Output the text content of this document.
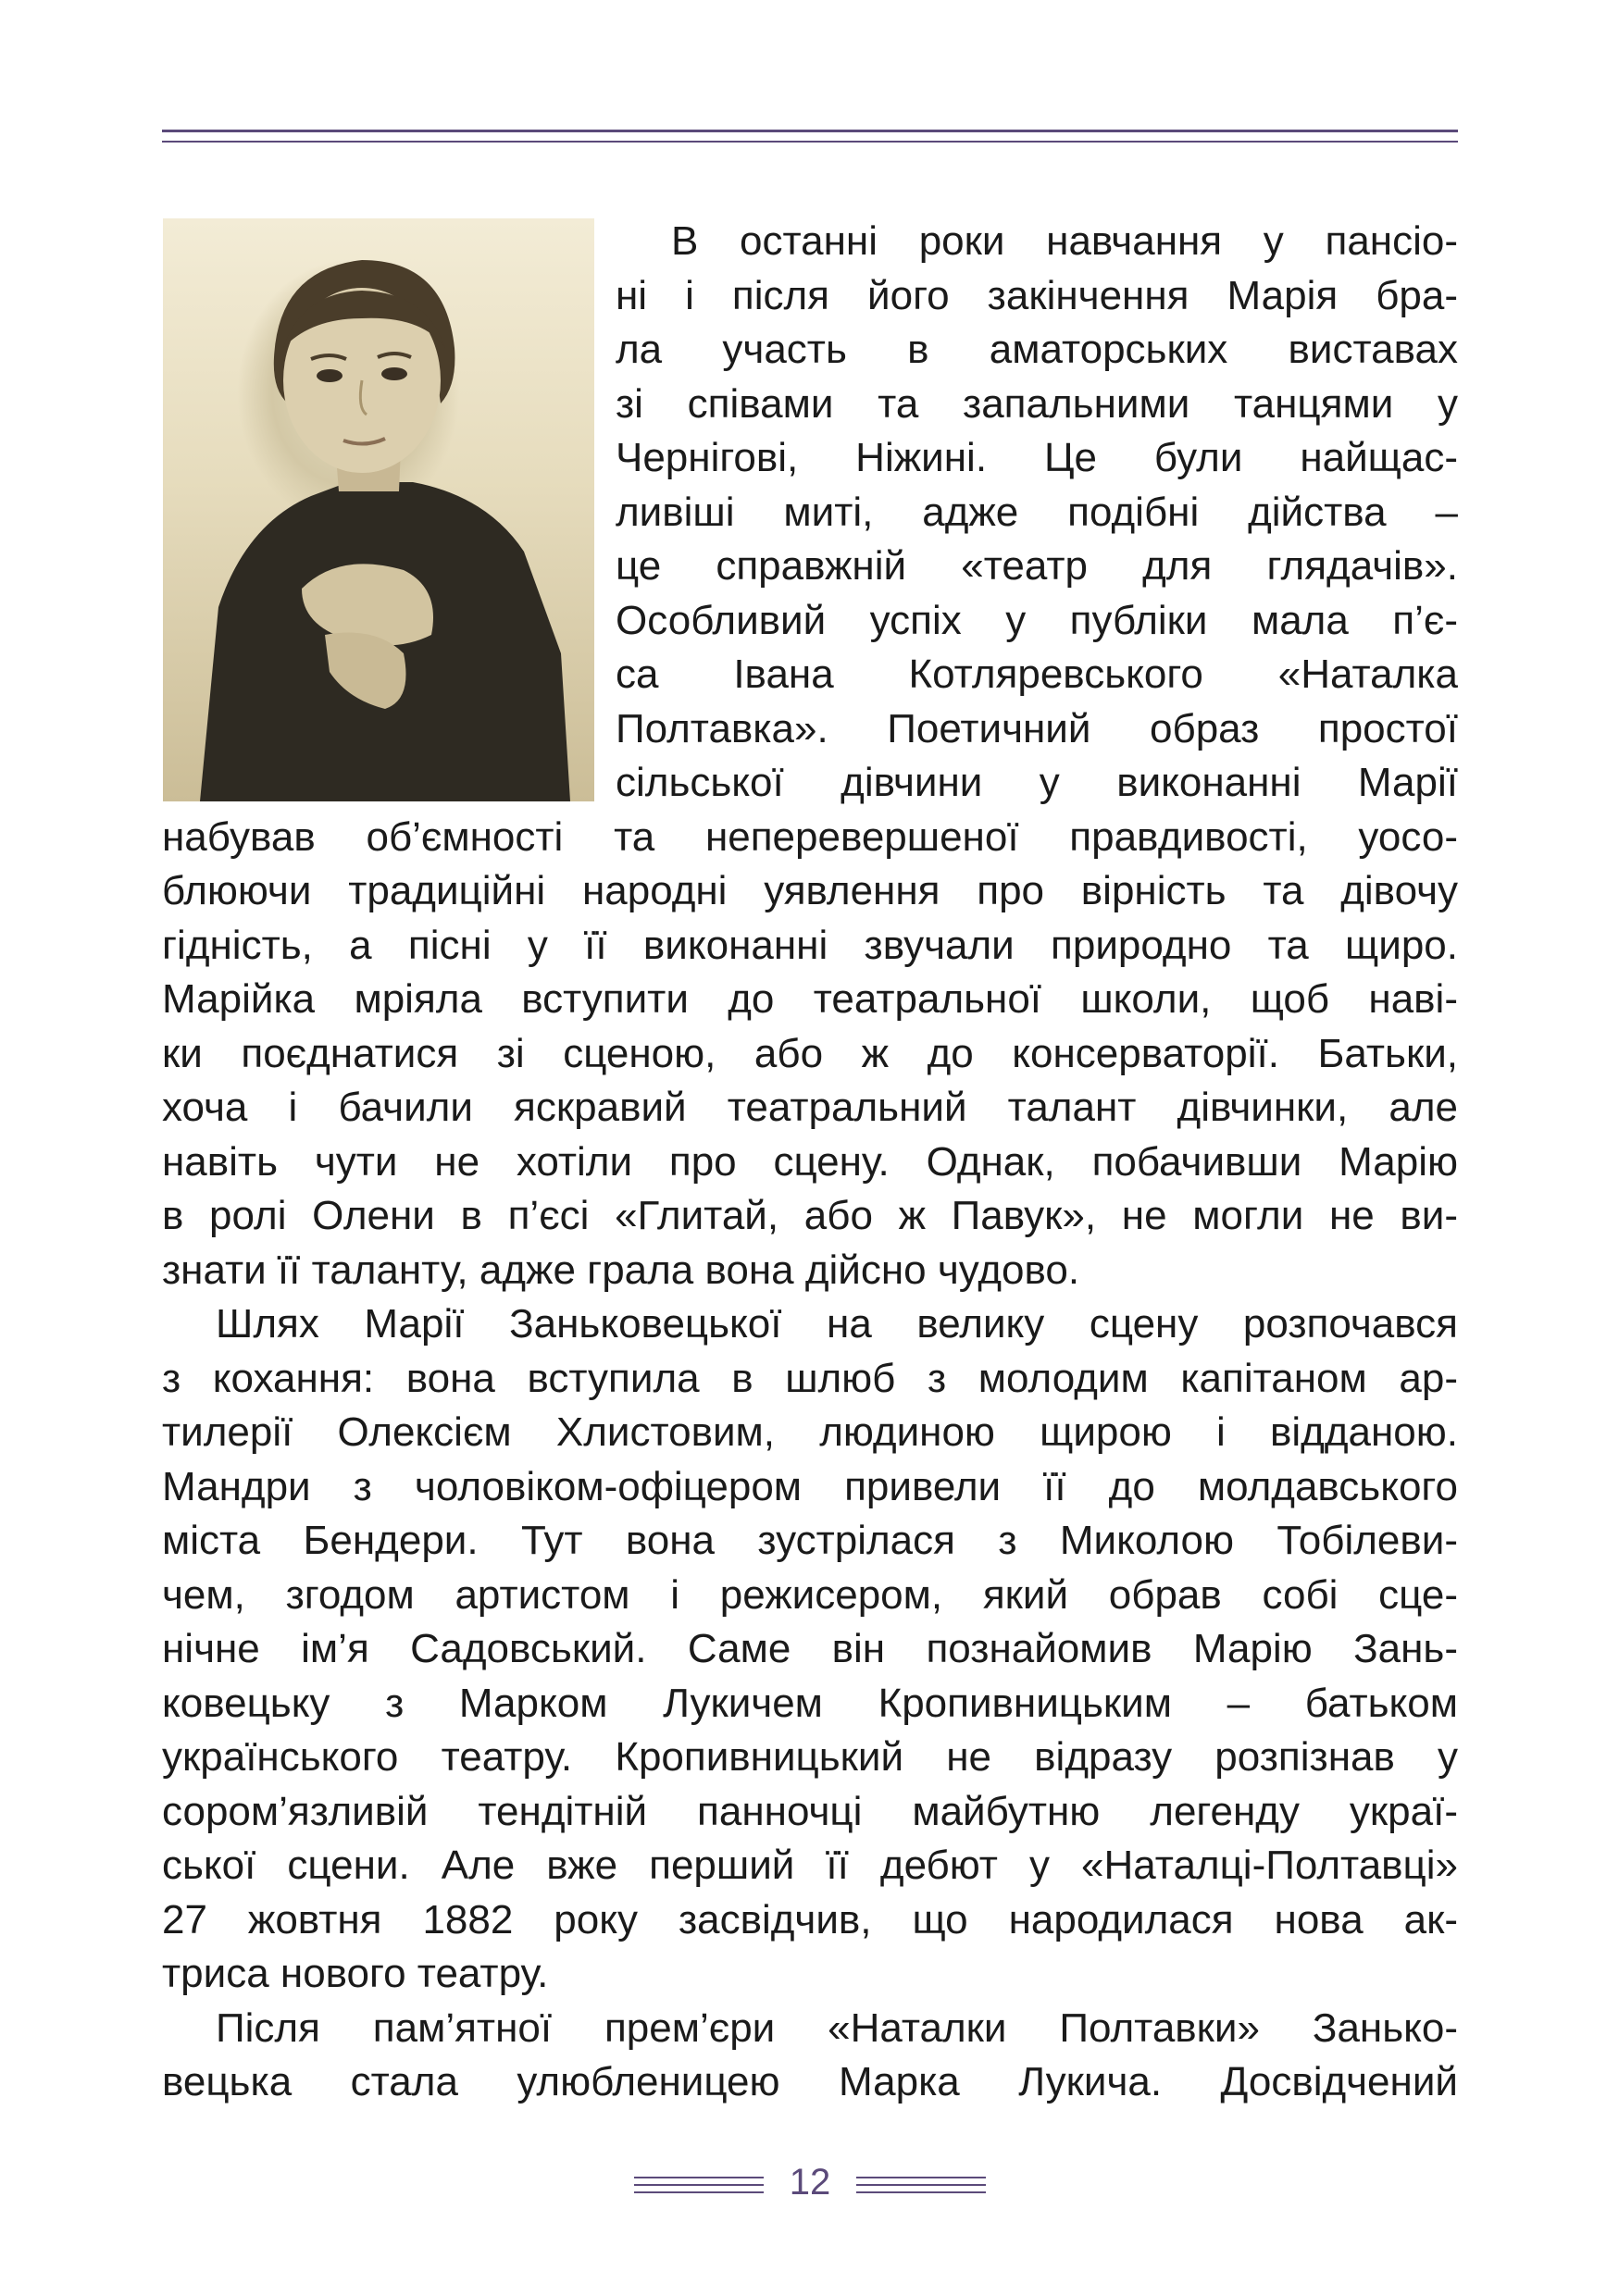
В останні роки навчання у пансіо-
ні і після його закінчення Марія бра-
ла участь в аматорських виставах
зі співами та запальними танцями у
Чернігові, Ніжині. Це були найщас-
ливіші миті, адже подібні дійства –
це справжній «театр для глядачів».
Особливий успіх у публіки мала п’є-
са Івана Котляревського «Наталка
Полтавка». Поетичний образ простої
сільської дівчини у виконанні Марії
набував об’ємності та неперевершеної правдивості, уосо-
блюючи традиційні народні уявлення про вірність та дівочу
гідність, а пісні у її виконанні звучали природно та щиро.
Марійка мріяла вступити до театральної школи, щоб наві-
ки поєднатися зі сценою, або ж до консерваторії. Батьки,
хоча і бачили яскравий театральний талант дівчинки, але
навіть чути не хотіли про сцену. Однак, побачивши Марію
в ролі Олени в п’єсі «Глитай, або ж Павук», не могли не ви-
знати її таланту, адже грала вона дійсно чудово.
Шлях Марії Заньковецької на велику сцену розпочався
з кохання: вона вступила в шлюб з молодим капітаном ар-
тилерії Олексієм Хлистовим, людиною щирою і відданою.
Мандри з чоловіком-офіцером привели її до молдавського
міста Бендери. Тут вона зустрілася з Миколою Тобілеви-
чем, згодом артистом і режисером, який обрав собі сце-
нічне ім’я Садовський. Саме він познайомив Марію Зань-
ковецьку з Марком Лукичем Кропивницьким – батьком
українського театру. Кропивницький не відразу розпізнав у
сором’язливій тендітній панночці майбутню легенду украї-
ської сцени. Але вже перший її дебют у «Наталці-Полтавці»
27 жовтня 1882 року засвідчив, що народилася нова ак-
триса нового театру.
Після пам’ятної прем’єри «Наталки Полтавки» Занько-
вецька стала улюбленицею Марка Лукича. Досвідчений
12
